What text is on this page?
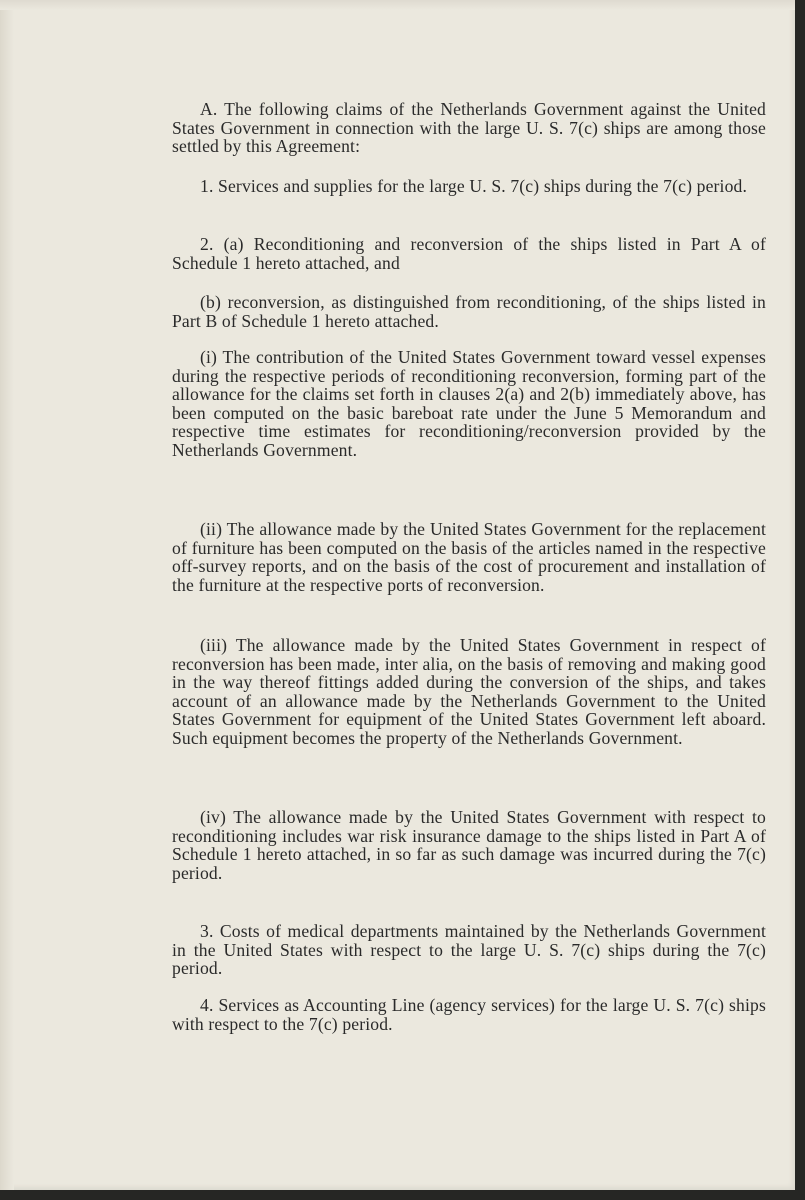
A. The following claims of the Netherlands Government against the United States Government in connection with the large U. S. 7(c) ships are among those settled by this Agreement:

1. Services and supplies for the large U. S. 7(c) ships during the 7(c) period.

2. (a) Reconditioning and reconversion of the ships listed in Part A of Schedule 1 hereto attached, and

(b) reconversion, as distinguished from reconditioning, of the ships listed in Part B of Schedule 1 hereto attached.

(i) The contribution of the United States Government toward vessel expenses during the respective periods of reconditioning reconversion, forming part of the allowance for the claims set forth in clauses 2(a) and 2(b) immediately above, has been computed on the basic bareboat rate under the June 5 Memorandum and respective time estimates for reconditioning/reconversion provided by the Netherlands Government.

(ii) The allowance made by the United States Government for the replacement of furniture has been computed on the basis of the articles named in the respective off-survey reports, and on the basis of the cost of procurement and installation of the furniture at the respective ports of reconversion.

(iii) The allowance made by the United States Government in respect of reconversion has been made, inter alia, on the basis of removing and making good in the way thereof fittings added during the conversion of the ships, and takes account of an allowance made by the Netherlands Government to the United States Government for equipment of the United States Government left aboard. Such equipment becomes the property of the Netherlands Government.

(iv) The allowance made by the United States Government with respect to reconditioning includes war risk insurance damage to the ships listed in Part A of Schedule 1 hereto attached, in so far as such damage was incurred during the 7(c) period.

3. Costs of medical departments maintained by the Netherlands Government in the United States with respect to the large U. S. 7(c) ships during the 7(c) period.

4. Services as Accounting Line (agency services) for the large U. S. 7(c) ships with respect to the 7(c) period.
